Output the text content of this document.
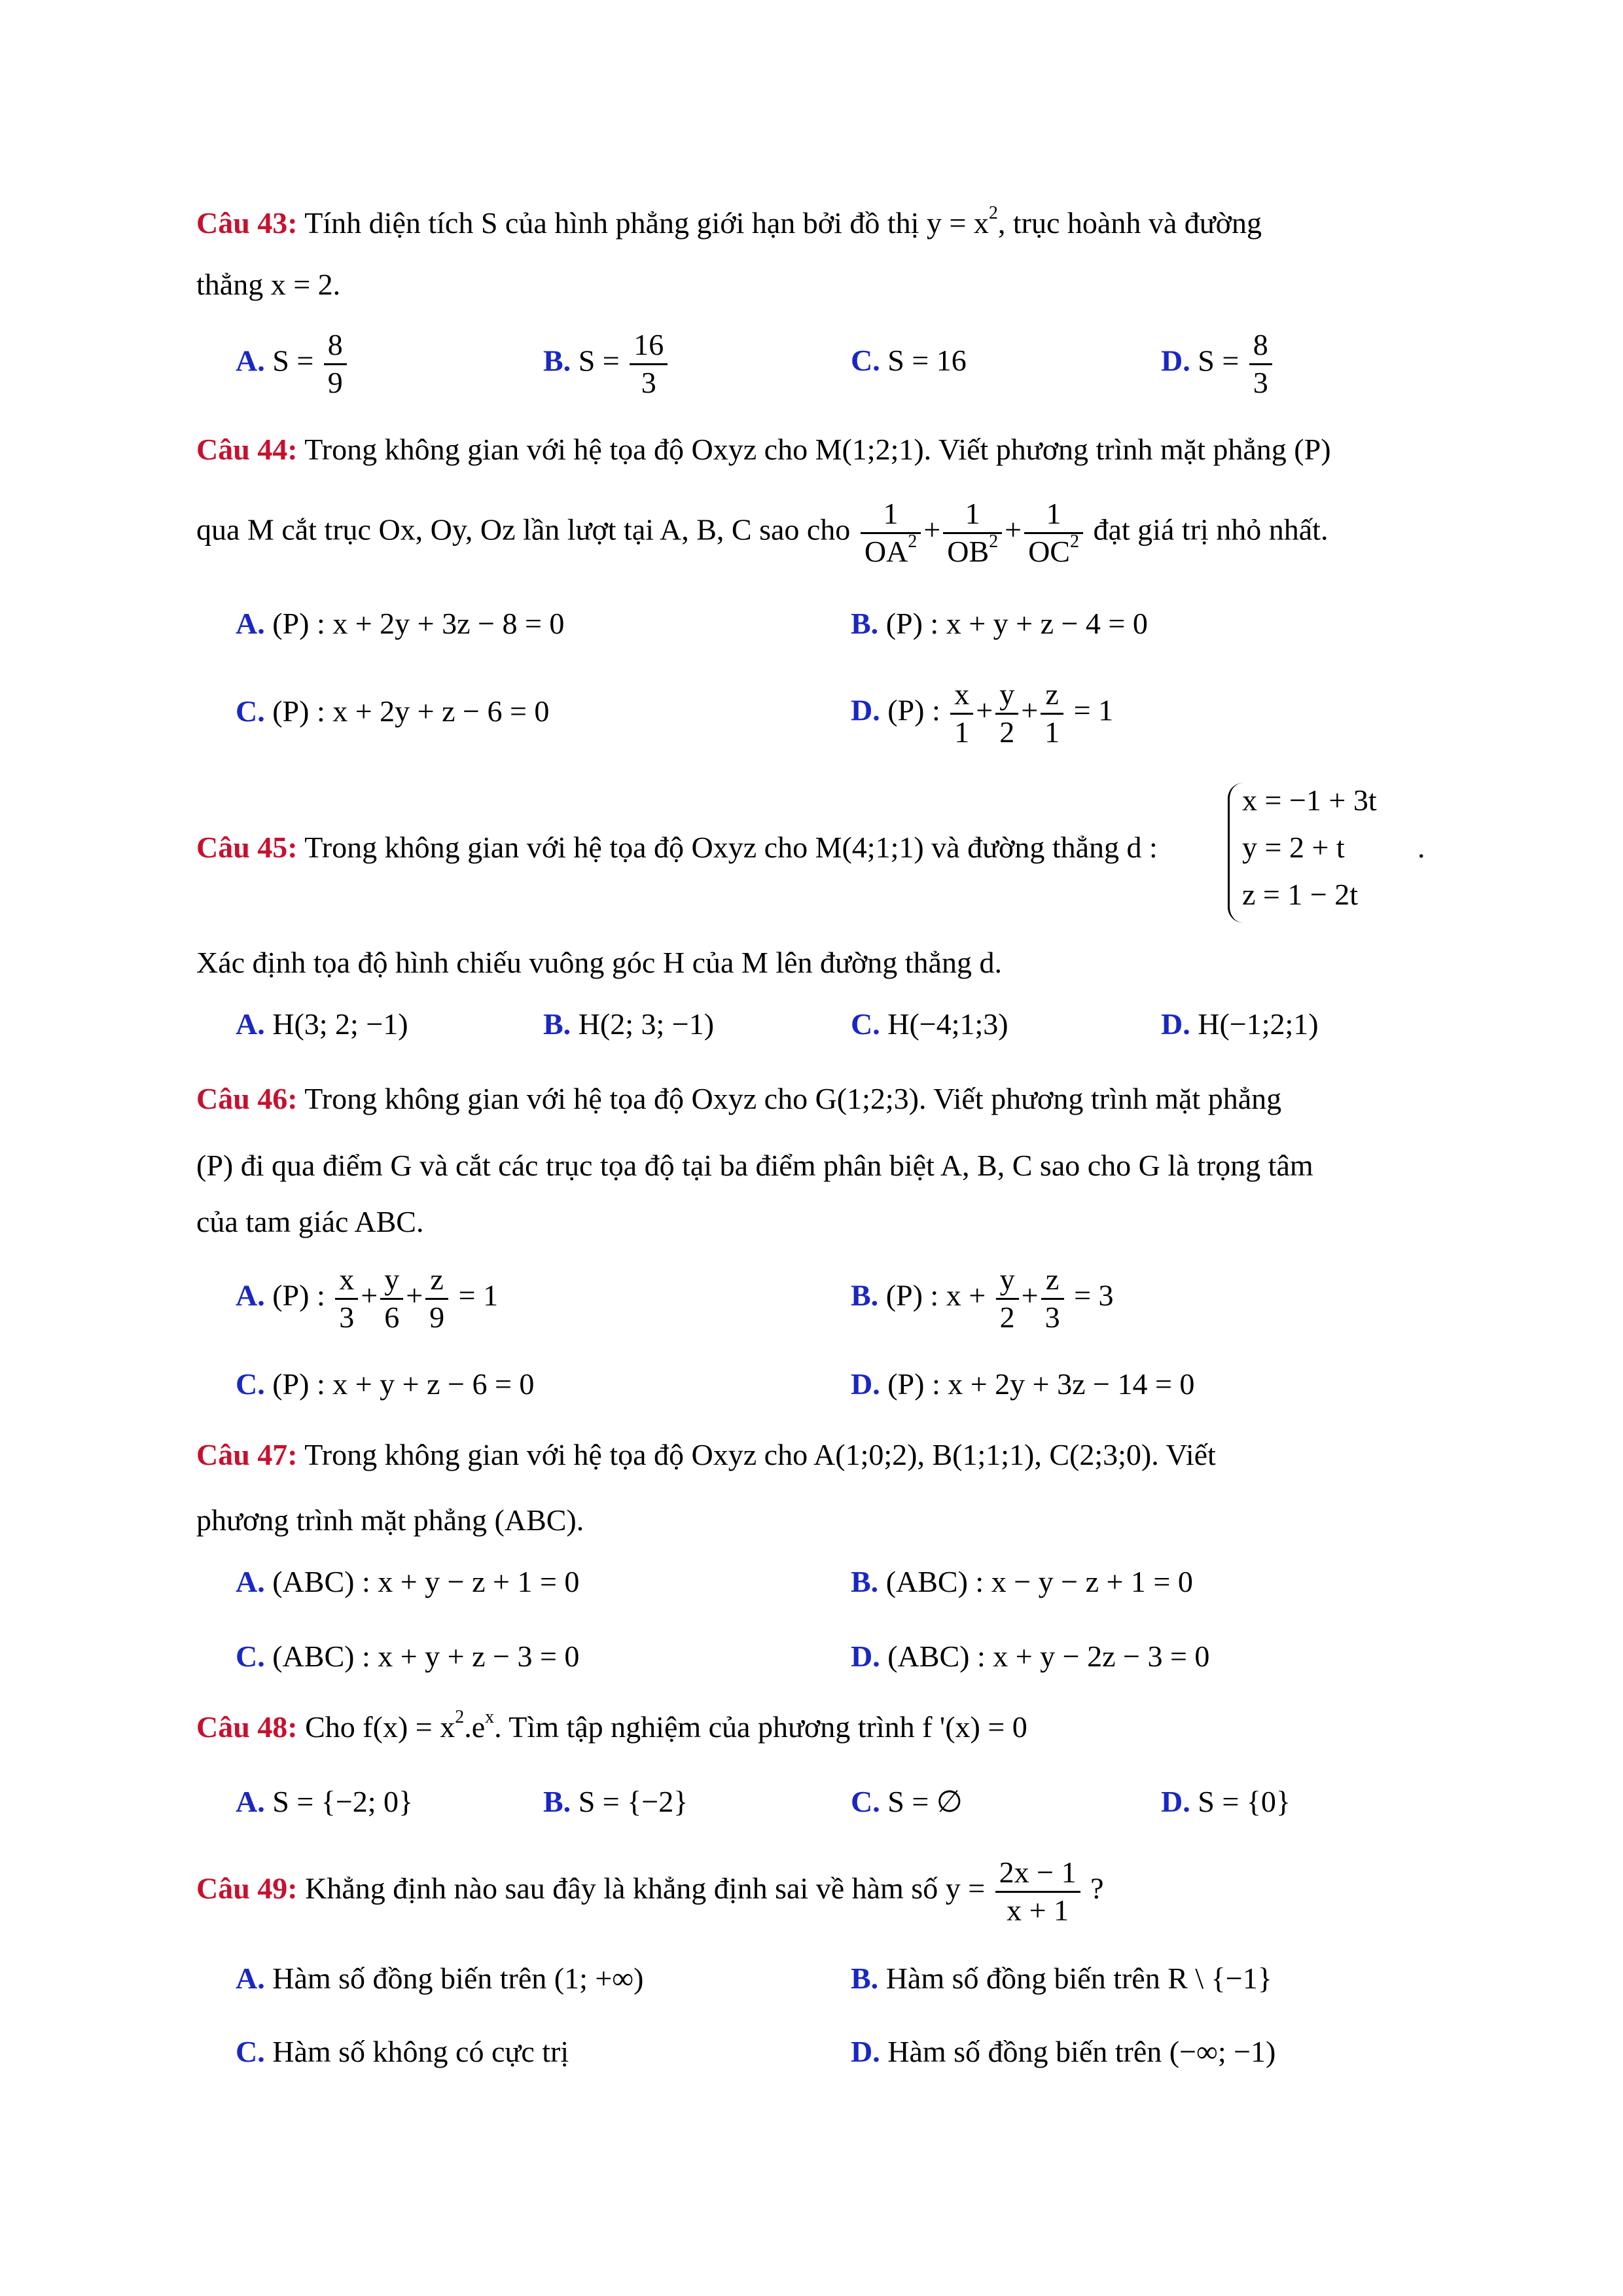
Câu 43: Tính diện tích S của hình phẳng giới hạn bởi đồ thị $y = x^2$, trục hoành và đường
thẳng x = 2.
A. $S = \frac{8}{9}$	B. $S = \frac{16}{3}$	C. S = 16	D. $S = \frac{8}{3}$
Câu 44: Trong không gian với hệ tọa độ Oxyz cho M(1;2;1). Viết phương trình mặt phẳng (P)
qua M cắt trục Ox, Oy, Oz lần lượt tại A, B, C sao cho $\frac{1}{OA^2} + \frac{1}{OB^2} + \frac{1}{OC^2}$ đạt giá trị nhỏ nhất.
A. (P) : x + 2y + 3z − 8 = 0	B. (P) : x + y + z − 4 = 0
C. (P) : x + 2y + z − 6 = 0	D. (P) : $\frac{x}{1} + \frac{y}{2} + \frac{z}{1} = 1$
Câu 45: Trong không gian với hệ tọa độ Oxyz cho M(4;1;1) và đường thẳng d :
x = −1 + 3t
y = 2 + t
z = 1 − 2t
.
Xác định tọa độ hình chiếu vuông góc H của M lên đường thẳng d.
A. H(3; 2; −1)	B. H(2; 3; −1)	C. H(−4;1;3)	D. H(−1;2;1)
Câu 46: Trong không gian với hệ tọa độ Oxyz cho G(1;2;3). Viết phương trình mặt phẳng
(P) đi qua điểm G và cắt các trục tọa độ tại ba điểm phân biệt A, B, C sao cho G là trọng tâm
của tam giác ABC.
A. (P) : $\frac{x}{3} + \frac{y}{6} + \frac{z}{9} = 1$	B. (P) : $x + \frac{y}{2} + \frac{z}{3} = 3$
C. (P) : x + y + z − 6 = 0	D. (P) : x + 2y + 3z − 14 = 0
Câu 47: Trong không gian với hệ tọa độ Oxyz cho A(1;0;2), B(1;1;1), C(2;3;0). Viết
phương trình mặt phẳng (ABC).
A. (ABC) : x + y − z + 1 = 0	B. (ABC) : x − y − z + 1 = 0
C. (ABC) : x + y + z − 3 = 0	D. (ABC) : x + y − 2z − 3 = 0
Câu 48: Cho $f(x) = x^2.e^x$. Tìm tập nghiệm của phương trình f '(x) = 0
A. S = {−2; 0}	B. S = {−2}	C. S = ∅	D. S = {0}
Câu 49: Khẳng định nào sau đây là khẳng định sai về hàm số $y = \frac{2x - 1}{x + 1}$ ?
A. Hàm số đồng biến trên (1; +∞)	B. Hàm số đồng biến trên R \ {−1}
C. Hàm số không có cực trị	D. Hàm số đồng biến trên (−∞; −1)
